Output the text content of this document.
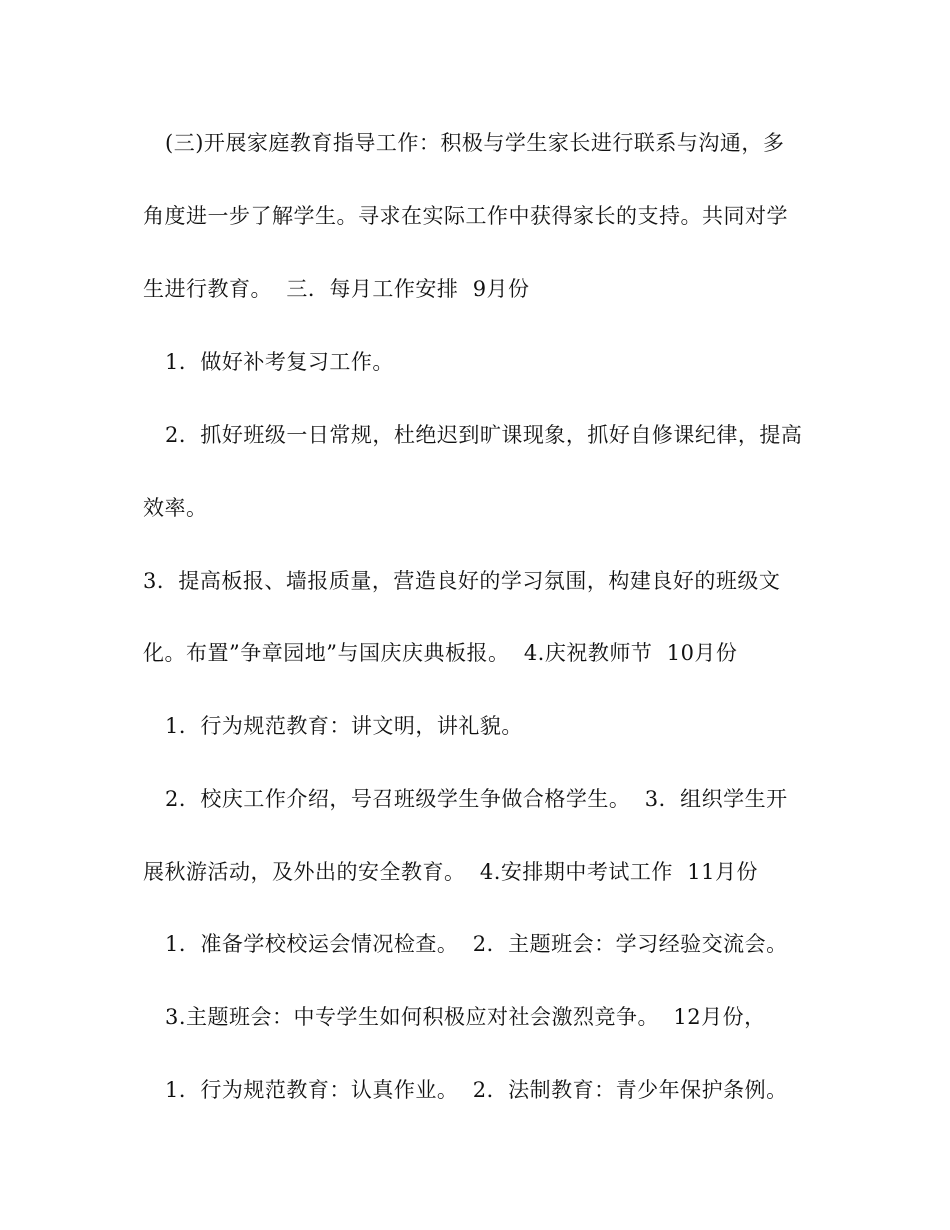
(三)开展家庭教育指导工作：积极与学生家长进行联系与沟通，多
角度进一步了解学生。寻求在实际工作中获得家长的支持。共同对学
生进行教育。  三．每月工作安排  9月份
1．做好补考复习工作。
2．抓好班级一日常规，杜绝迟到旷课现象，抓好自修课纪律，提高
效率。
3．提高板报、墙报质量，营造良好的学习氛围，构建良好的班级文
化。布置”争章园地”与国庆庆典板报。  4.庆祝教师节  10月份
1．行为规范教育：讲文明，讲礼貌。
2．校庆工作介绍，号召班级学生争做合格学生。  3．组织学生开
展秋游活动，及外出的安全教育。  4.安排期中考试工作  11月份
1．准备学校校运会情况检查。  2．主题班会：学习经验交流会。
3.主题班会：中专学生如何积极应对社会激烈竞争。  12月份，
1．行为规范教育：认真作业。  2．法制教育：青少年保护条例。
